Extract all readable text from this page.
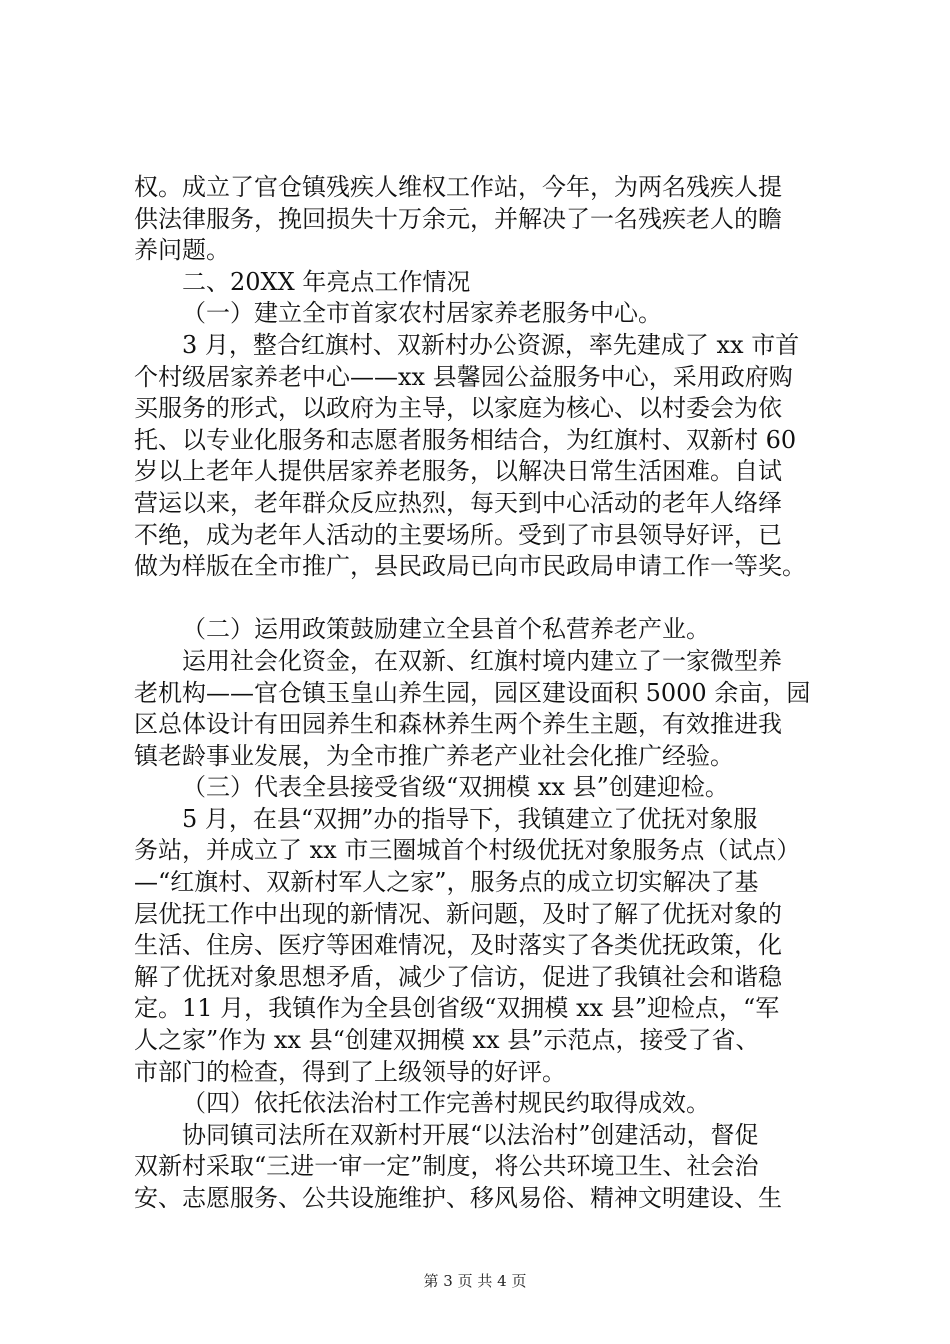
权。成立了官仓镇残疾人维权工作站，今年，为两名残疾人提
供法律服务，挽回损失十万余元，并解决了一名残疾老人的瞻
养问题。
二、20XX 年亮点工作情况
（一）建立全市首家农村居家养老服务中心。
3 月，整合红旗村、双新村办公资源，率先建成了 xx 市首
个村级居家养老中心——xx 县馨园公益服务中心，采用政府购
买服务的形式，以政府为主导，以家庭为核心、以村委会为依
托、以专业化服务和志愿者服务相结合，为红旗村、双新村 60
岁以上老年人提供居家养老服务，以解决日常生活困难。自试
营运以来，老年群众反应热烈，每天到中心活动的老年人络绎
不绝，成为老年人活动的主要场所。受到了市县领导好评，已
做为样版在全市推广，县民政局已向市民政局申请工作一等奖。
（二）运用政策鼓励建立全县首个私营养老产业。
运用社会化资金，在双新、红旗村境内建立了一家微型养
老机构——官仓镇玉皇山养生园，园区建设面积 5000 余亩，园
区总体设计有田园养生和森林养生两个养生主题，有效推进我
镇老龄事业发展，为全市推广养老产业社会化推广经验。
（三）代表全县接受省级“双拥模 xx 县”创建迎检。
5 月，在县“双拥”办的指导下，我镇建立了优抚对象服
务站，并成立了 xx 市三圈城首个村级优抚对象服务点（试点）
—“红旗村、双新村军人之家”，服务点的成立切实解决了基
层优抚工作中出现的新情况、新问题，及时了解了优抚对象的
生活、住房、医疗等困难情况，及时落实了各类优抚政策，化
解了优抚对象思想矛盾，减少了信访，促进了我镇社会和谐稳
定。11 月，我镇作为全县创省级“双拥模 xx 县”迎检点，“军
人之家”作为 xx 县“创建双拥模 xx 县”示范点，接受了省、
市部门的检查，得到了上级领导的好评。
（四）依托依法治村工作完善村规民约取得成效。
协同镇司法所在双新村开展“以法治村”创建活动，督促
双新村采取“三进一审一定”制度，将公共环境卫生、社会治
安、志愿服务、公共设施维护、移风易俗、精神文明建设、生
第 3 页 共 4 页
